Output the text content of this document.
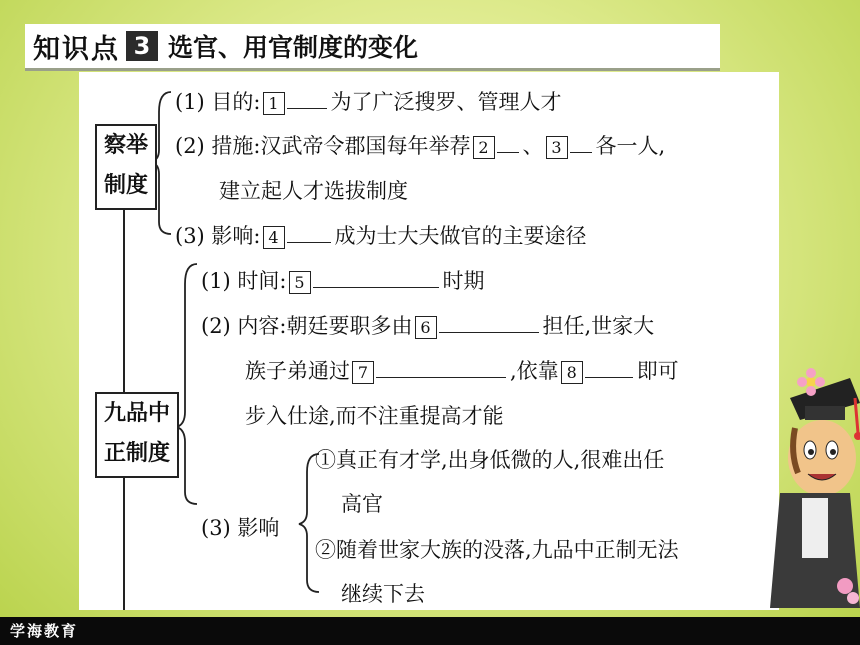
知识点 3 选官、用官制度的变化
察举
制度
(1) 目的: 1 为了广泛搜罗、管理人才
(2) 措施:汉武帝令郡国每年举荐 2 、 3 各一人,
建立起人才选拔制度
(3) 影响: 4	成为士大夫做官的主要途径
九品中
正制度
(1) 时间: 5	时期
(2) 内容:朝廷要职多由 6	担任,世家大
族子弟通过 7	,依靠 8	即可
步入仕途,而不注重提高才能
(3) 影响
①真正有才学,出身低微的人,很难出任
高官
②随着世家大族的没落,九品中正制无法
继续下去
学海教育
